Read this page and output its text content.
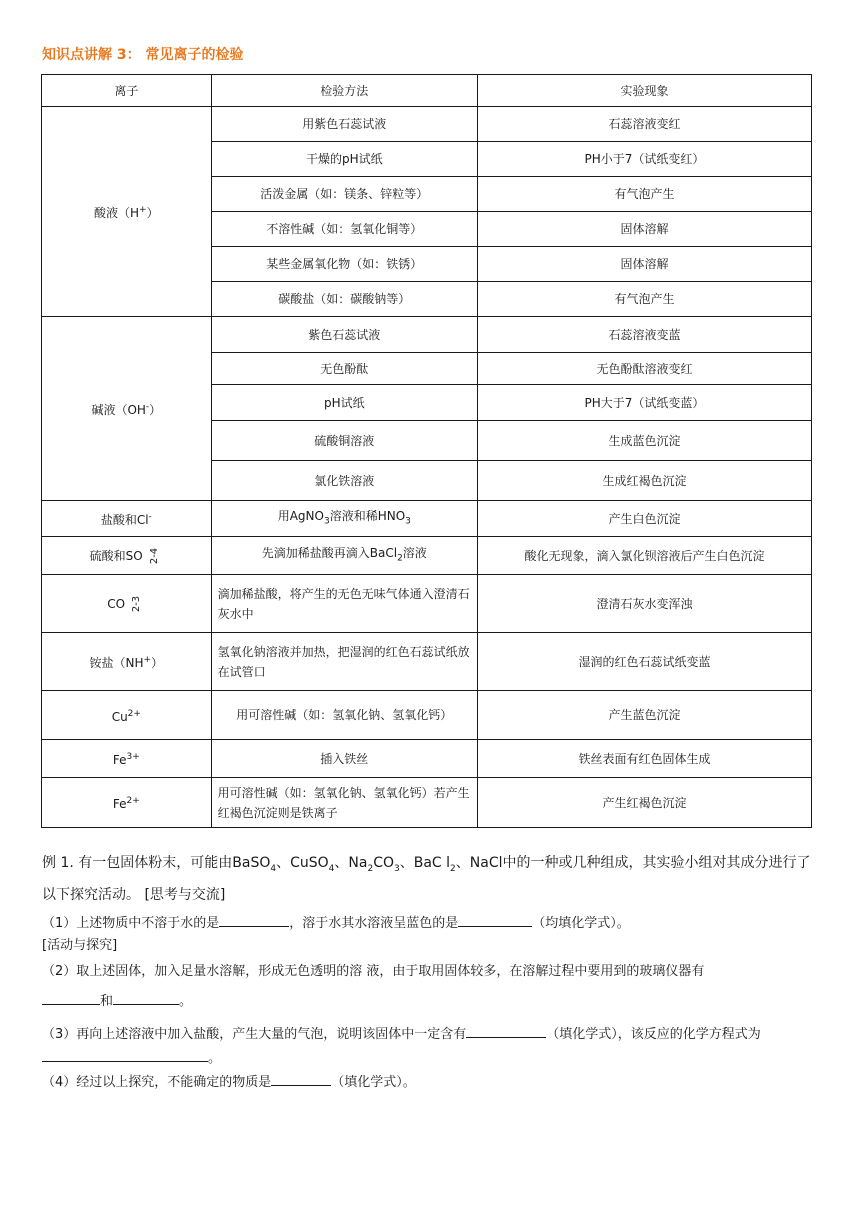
知识点讲解 3： 常见离子的检验
离子	检验方法	实验现象
酸液（H+）	用紫色石蕊试液	石蕊溶液变红
	干燥的pH试纸	PH小于7（试纸变红）
	活泼金属（如：镁条、锌粒等）	有气泡产生
	不溶性碱（如：氢氧化铜等）	固体溶解
	某些金属氧化物（如：铁锈）	固体溶解
	碳酸盐（如：碳酸钠等）	有气泡产生
碱液（OH-）	紫色石蕊试液	石蕊溶液变蓝
	无色酚酞	无色酚酞溶液变红
	pH试纸	PH大于7（试纸变蓝）
	硫酸铜溶液	生成蓝色沉淀
	氯化铁溶液	生成红褐色沉淀
盐酸和Cl-	用AgNO$_3$溶液和稀$HNO_3$	产生白色沉淀
硫酸和SO 2-4	先滴加稀盐酸再滴入BaCl$_2$溶液	酸化无现象，滴入氯化钡溶液后产生白色沉淀
CO 2-3	滴加稀盐酸，将产生的无色无味气体通入澄清石灰水中	澄清石灰水变浑浊
铵盐（NH+）	氢氧化钠溶液并加热，把湿润的红色石蕊试纸放在试管口	湿润的红色石蕊试纸变蓝
$Cu^{2+}$	用可溶性碱（如：氢氧化钠、氢氧化钙）	产生蓝色沉淀
$Fe^{3+}$	插入铁丝	铁丝表面有红色固体生成
$Fe^{2+}$	用可溶性碱（如：氢氧化钠、氢氧化钙）若产生红褐色沉淀则是铁离子	产生红褐色沉淀

例 1. 有一包固体粉末，可能由BaSO$_4$、CuSO$_4$、$Na_2CO_3$、BaC $l_2$、NaCl中的一种或几种组成，其实验小组对其成分进行了以下探究活动。 [思考与交流]

（1）上述物质中不溶于水的是	，溶于水其水溶液呈蓝色的是	（均填化学式）。

[活动与探究]

（2）取上述固体，加入足量水溶解，形成无色透明的溶 液，由于取用固体较多，在溶解过程中要用到的玻璃仪器有
和	。

（3）再向上述溶液中加入盐酸，产生大量的气泡，说明该固体中一定含有	（填化学式），该反应的化学方程式为。

（4）经过以上探究，不能确定的物质是	（填化学式）。
